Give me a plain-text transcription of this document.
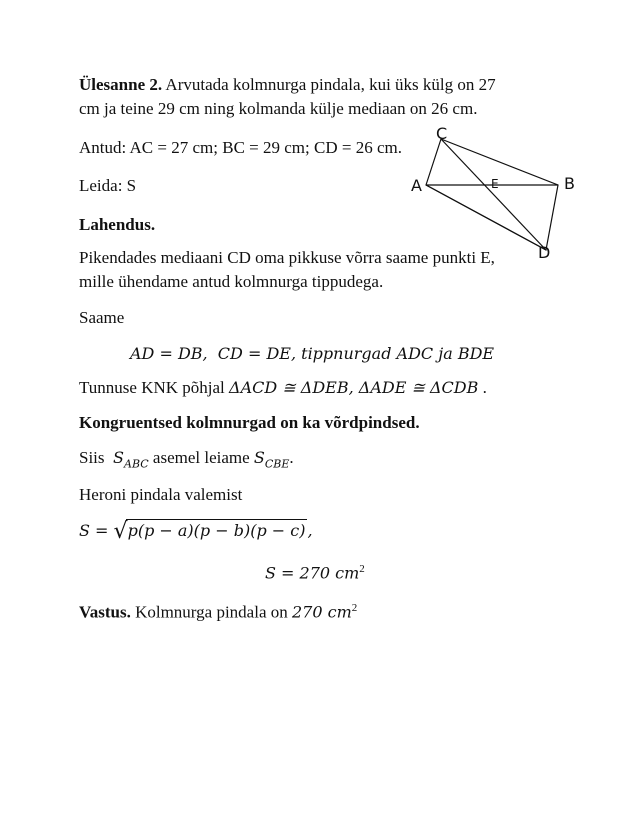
Ülesanne 2. Arvutada kolmnurga pindala, kui üks külg on 27
cm ja teine 29 cm ning kolmanda külje mediaan on 26 cm.
Antud: AC = 27 cm; BC = 29 cm; CD = 26 cm.
Leida: S
Lahendus.
Pikendades mediaani CD oma pikkuse võrra saame punkti E,
mille ühendame antud kolmnurga tippudega.
Saame
AD = DB,  CD = DE, tippnurgad ADC ja BDE
Tunnuse KNK põhjal ΔACD ≅ ΔDEB, ΔADE ≅ ΔCDB .
Kongruentsed kolmnurgad on ka võrdpindsed.
Siis  $S_{ABC}$ asemel leiame $S_{CBE}$.
Heroni pindala valemist
S = √p(p − a)(p − b)(p − c) ,
S = 270 $cm^2$
Vastus. Kolmnurga pindala on 270 $cm^2$
C
A	E	B
D
